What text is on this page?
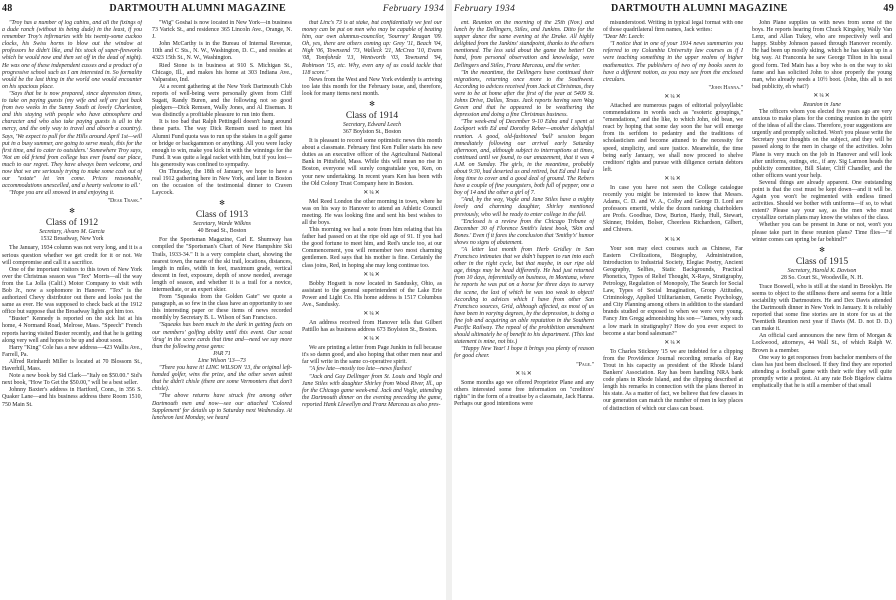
48	DARTMOUTH ALUMNI MAGAZINE	February 1934

"Troy has a number of log cabins, and all the fixings of a dude ranch (without its being dude) in the least, if you remember Troy's infirmaries with his twenty-some cuckoo clocks, his Swiss horns to blow out the window at professors he didn't like, and his stock of super-fireworks which he would now and then set off in the dead of night). He was one of these independent cusses and a product of a progressive school such as I am interested in. So formality would be the last thing in the world one would encounter on his spacious place.

"Says that he is now prepared, since depression times, to take on paying guests (my wife and self are just back from two weeks in the Sunny South at lovely Charleston, and this staying with people who have atmosphere and character and who also take paying guests is all to the mercy, and the only way to travel and absorb a country). Says, 'We expect to pull for the Hills around April 1st—will put in a busy summer, are going to serve meals, this for the first time, and to cater to outsiders.' Somewhere Troy says, 'Not an old friend from college has ever found our place, much to our regret. They have always been welcome, and now that we are seriously trying to make some cash out of our "estate" let 'em come. Prices reasonable, accommodations unexcelled, and a hearty welcome to all.'

"Hope you are all snowed in and enjoying it.

"Deak Trask."

✻
Class of 1912
Secretary, Alvaro M. Garcia
1532 Broadway, New York

The January, 1934 column was not very long, and it is a serious question whether we get credit for it or not. We will compromise and call it a sacrifice.

One of the important visitors to this town of New York over the Christmas season was "Tex" Morris—all the way from the La Jolla (Calif.) Motor Company to visit with Bob Jr., now a sophomore in Hanover. "Tex" is the authorized Chevy distributor out there and looks just the same as ever. He was supposed to check back at the 1912 office but suppose that the Broadway lights got him too.

"Buster" Kennedy is reported on the sick list at his home, 4 Normand Road, Melrose, Mass. "Speech" French reports having visited Buster recently, and that he is getting along very well and hopes to be up and about soon.

Harry "King" Cole has a new address—423 Wallis Ave., Farrell, Pa.

Alfred Reinhardt Miller is located at 70 Blossom St., Haverhill, Mass.

Note a new book by Sid Clark—"Italy on $50.00." Sid's next book, "How To Get the $50.00," will be a best seller.

Johnny Baxter's address in Hartford, Conn., in 356 S. Quaker Lane—and his business address there Room 1510, 750 Main St.

"Wig" Goshal is now located in New York—in business 73 Varick St., and residence 365 Lincoln Ave., Orange, N. J.

John McCarthy is in the Bureau of Internal Revenue, 10th and C Sts., N. W., Washington, D. C., and resides at 4323 15th St., N. W., Washington.

Ried Stone is in business at 910 S. Michigan St., Chicago, Ill., and makes his home at 303 Indiana Ave., Valparaiso, Ind.

At a recent gathering at the New York Dartmouth Club reports of well-being were personally given from Cliff Sugatt, Randy Buren, and the following not so good pledgers—Dick Remsen, Wally Jones, and Al Eiseman. It was distinctly a profitable pleasure to run into them.

It is too bad that Ralph Pettingell doesn't hang around these parts. The way Dick Remsen used to meet his Alumni Fund quota was to run up the stakes in a golf game or bridge or backgammon or anything. All you were lucky enough to win, make you kick in with the winnings for the Fund. It was quite a legal racket with him, but if you lost—his generosity was confined to sympathy.

On Thursday, the 18th of January, we hope to have a real 1912 gathering here in New York, and later in Boston on the occasion of the testimonial dinner to Craven Laycock.

✻
Class of 1913
Secretary, Warde Wilkins
40 Broad St., Boston

For the Sportsman Magazine, Carl E. Shumway has compiled the "Sportsman's Chart of New Hampshire Ski Trails, 1933-34." It is a very complete chart, showing the nearest town, the name of the ski trail, locations, distances, length in miles, width in feet, maximum grade, vertical descent in feet, exposure, depth of snow needed, average length of season, and whether it is a trail for a novice, intermediate, or an expert skier.

From "Squeaks from the Golden Gate" we quote a paragraph, as so few in the class have an opportunity to see this interesting paper or these items of news recorded monthly by Secretary B. L. Wilson of San Francisco.

"Squeaks has been much in the dark in getting facts on our members' golfing ability until this event. Our scout 'drug' in the score cards that time and—need we say more than the following prose gems:

PAR 71

Line Wilson '13—73

"There you have it! LINC WILSON '13, the original left-handed golfer, wins the prize, and the other seven admit that he didn't chisle (there are some Vermonters that don't chisle).

"The above returns have struck fire among other Dartmouth men and now—see our attached 'Colored Supplement' for details up to Saturday next Wednesday. At luncheon last Monday, we heard

that Linc's 73 is at stake, but confidentially we feel our money can be put on men who may be capable of beating him, our own alumnus-councilor, 'Sourney' Reagan '09. Oh, yes, there are others coming up: Grey '11, Beach '04, Nigh '06, Townsend '73, Walleck '21, McCrea '10, Evans '08, Tomfohrde '13, Wentworth '03, Townsend '94, Robinson '15, etc. Why, even any of us could tackle that 118 score."

News from the West and New York evidently is arriving too late this month for the February issue, and, therefore, look for many items next month.

✻
Class of 1914
Secretary, Edward Leech
367 Boylston St., Boston

It is pleasant to record some optimistic news this month about a classmate. February first Ken Fuller starts his new duties as an executive officer of the Agricultural National Bank in Pittsfield, Mass. While this will mean no rise in Boston, everyone will surely congratulate you, Ken, on your new undertaking. In recent years Ken has been with the Old Colony Trust Company here in Boston.

✕¼✕

Mel Reed London the other morning in town, where he was on his way to Hanover to attend an Athletic Council meeting. He was looking fine and sent his best wishes to all the boys.

This morning we had a note from him relating that his father had passed on at the ripe old age of 91. If you had the good fortune to meet him, and Red's uncle too, at our Commencement, you will remember two most charming gentlemen. Red says that his mother is fine. Certainly the class joins, Red, in hoping she may long continue too.

✕¼✕

Bobby Hogsett is now located in Sandusky, Ohio, as assistant to the general superintendent of the Lake Erie Power and Light Co. His home address is 1517 Columbus Ave., Sandusky.

✕¼✕

An address received from Hanover tells that Gilbert Pattillo has as business address 673 Boylston St., Boston.

✕¼✕

We are printing a letter from Page Junkin in full because it's so damn good, and also hoping that other men near and far will write in the same co-operative spirit.

"A few late—mostly too late—news flashes!

"Jack and Guy Dellinger from St. Louis and Vogle and Jane Stiles with daughter Shirley from Wood River, Ill., up for the Chicago game week-end. Jack and Vogle, attending the Dartmouth dinner on the evening preceding the game, reported Hank Llewellyn and Franz Marceau as also pres-

February 1934	DARTMOUTH ALUMNI MAGAZINE	49

ent. Reunion on the morning of the 25th (Nov.) and lunch by the Dellingers, Stiles, and Junkins. Ditto for the supper dance the same evening at the Drake. All highly delighted from the Junkins' standpoint, thanks to the others mentioned. The less said about the game the better! On hand, from personal observation and knowledge, were Dellingers and Stiles, Franz Marceau, and the writer.

"In the meantime, the Dellingers have continued their migrations, returning once more to the Southwest. According to advices received from Jack at Christmas, they were to be at home after the first of the year at 5409 St. Johns Drive, Dallas, Texas. Jack reports having seen Wag Green and that he appeared to be weathering the depression and doing a fine Christmas business.

"The week-end of December 9-10 Edna and I spent at Lockport with Ed and Dorothy Reber—another delightful reunion. A good, old-fashioned 'bull' session began immediately following our arrival early Saturday afternoon, and, although subject to interruptions at times, continued until we found, to our amazement, that it was 4 A.M. on Sunday. The girls, in the meantime, probably about 9:30, had deserted us and retired, but Ed and I had a long time to cover and a good deal of ground. The Rebers have a couple of fine youngsters, both full of pepper, one a boy of 14 and the other a girl of 7.

"And, by the way, Vogle and Jane Stiles have a mighty lovely and charming daughter, Shirley mentioned previously, who will be ready to enter college in the fall.

"Enclosed is a review from the Chicago Tribune of December 30 of Florence Smith's latest book, 'Skin and Bones.' Even if it fares the conclusion that 'Smithy's' humor shows no signs of abatement.

"A letter last month from Herb Gridley in San Francisco intimates that we didn't happen to run into each other in the right cycle, but that maybe, in our ripe old age, things may be head differently. He had just returned from 10 days, inferentially on business, in Montana, where he reports he was put on a horse for three days to survey the scene, the last of which he was too weak to object! According to advices which I have from other San Francisco sources, Grid, although affected, as most of us have been in varying degrees, by the depression, is doing a fine job and acquiring an able reputation in the Southern Pacific Railway. The repeal of the prohibition amendment should ultimately be of benefit to his department. (This last statement is mine, not his.)

"Happy New Year! I hope it brings you plenty of reason for good cheer.

"Page."

✕¼✕

Some months ago we offered Proprietor Plane and any others interested some free information on "creditors' rights" in the form of a treatise by a classmate, Jack Hanna. Perhaps our good intentions were

misunderstood. Writing in typical legal format with one of those quadrilateral firm names, Jack writes:

"Dear Mr. Leech:

"I notice that in one of your 1914 news summaries you referred to my Columbia University law courses as if I were teaching something in the upper realms of higher mathematics. The publishers of two of my books seem to have a different notion, as you may see from the enclosed circulars.

"John Hanna."

✕¼✕

Attached are numerous pages of editorial polysyllabic commendations in words such as "esoteric groupings," "emendations," and the like, to which John, old bean, we react by hoping that some day soon the bar will emerge from its serfdom to pedantry and the traditions of scholasticism and become attuned to the necessity for speed, simplicity, and sure justice. Meanwhile, the time being early January, we shall now proceed to shelve creditors' rights and pursue with diligence certain debtors left.

✕¼✕

In case you have not seen the College catalogue recently you might be interested to know that Messrs. Adams, C. D. and W. A., Colby and George D. Lord are professors emeriti, while the dozen ranking chairholders are Profs. Goodhue, Dow, Burton, Hardy, Hull, Stewart, Skinner, Holden, Bolser, Cheerless Richardson, Gilbert, and Chivers.

✕¼✕

Your son may elect courses such as Chinese, Far Eastern Civilizations, Biography, Administration, Introduction to Industrial Society, Elegiac Poetry, Ancient Geography, Selfies, Static Backgrounds, Practical Phonetics, Types of Relief Thought, X-Rays, Stratigraphy, Petrology, Regulation of Monopoly, The Search for Social Law, Types of Social Imagination, Group Attitudes, Criminology, Applied Utilitarianism, Genetic Psychology, and City Planning among others in addition to the standard brands studied or exposed to when we were very young. Fancy Jim Gregg admonishing his son—"James, why such a low mark in stratigraphy? How do you ever expect to become a star bond salesman?"

✕¼✕

To Charles Stickney '15 we are indebted for a clipping from the Providence Journal recording remarks of Ray Trout in his capacity as president of the Rhode Island Bankers' Association. Ray has been handling NRA bank code plans in Rhode Island, and the clipping described at length his remarks in connection with the plans thereof in his state. As a matter of fact, we believe that few classes in our generation can match the number of men in key places of distinction of which our class can boast.

John Plane supplies us with news from some of the boys. He reports hearing from Chuck Kingsley, Wally Van Lenz, and Allan Tukey, who are respectively well and happy. Stubby Johnson passed through Hanover recently. He had been up mostly skiing, which he has taken up in a big way. At Franconia he saw George Tilton in his usual good form. Ted Main has a boy who is on the way to ski fame and has solicited John to shoe properly the young man, who already needs a 10½ boot. (John, this all is not bad publicity, eh what?)

✕¼✕
Reunion in June

The officers whom you elected five years ago are very anxious to make plans for the coming reunion in the spirit of the ideas of all the class. Therefore, your suggestions are urgently and promptly solicited. Won't you please write the Secretary your thoughts on the subject, and they will be passed along to the men in charge of the activities. John Plane is very much on the job in Hanover and will look after uniforms, outings, etc., if any. Sig Larmon heads the publicity committee, Bill Slater, Cliff Chandler, and the other officers want your help.

Several things are already apparent. One outstanding point is that the cost must be kept down—and it will be. Again you won't be regimented with endless timed activities. Should we bother with uniforms—if so, to what extent? Please say your say, as the men who must crystallize certain plans may know the wishes of the class.

Whether you can be present in June or not, won't you please take part in these reunion plans? Time flies—"if winter comes can spring be far behind?"

✻
Class of 1915
Secretary, Harold K. Davison
28 So. Court St., Woodsville, N. H.

Trace Boswell, who is still at the stand in Brooklyn. He seems to object to the stillness there and seems for a little sociability with Dartmouters. He and Dex Davis attended the Dartmouth dinner in New York in January. It is reliably reported that some fine stories are in store for us at the Twentieth Reunion next year if Davis (M. D. not D. D.) can make it.

An official card announces the new firm of Morgan & Lockwood, attorneys, 44 Wall St., of which Ralph W. Brown is a member.

One way to get responses from bachelor members of the class has just been disclosed. If they find they are reported attending a football game with their wife they will quite promptly write a protest. At any rate Bob Bigelow claims emphatically that he is still a member of that small
